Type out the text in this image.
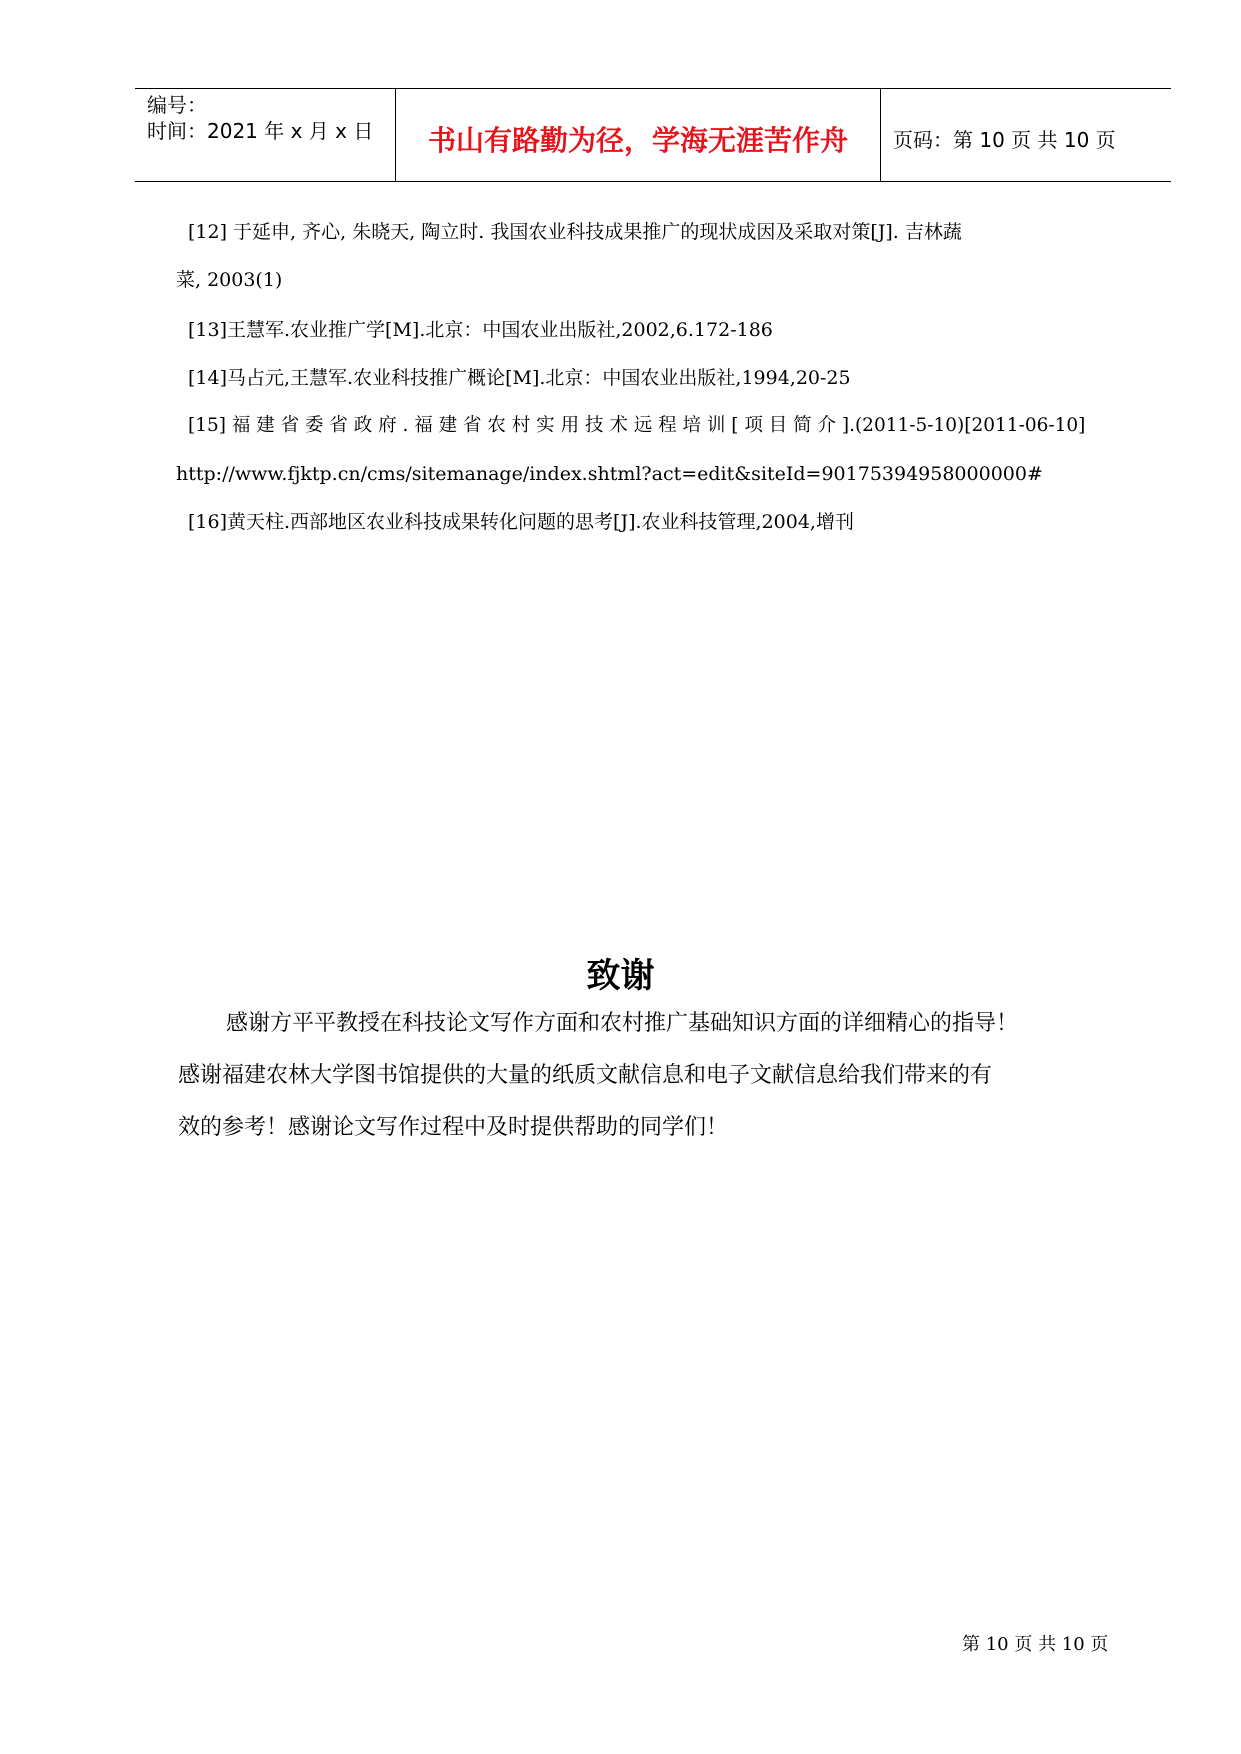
编号：
时间：2021 年 x 月 x 日	书山有路勤为径，学海无涯苦作舟	页码：第 10 页 共 10 页
[12] 于延申, 齐心, 朱晓天, 陶立时. 我国农业科技成果推广的现状成因及采取对策[J]. 吉林蔬
菜, 2003(1)
[13]王慧军.农业推广学[M].北京：中国农业出版社,2002,6.172-186
[14]马占元,王慧军.农业科技推广概论[M].北京：中国农业出版社,1994,20-25
[15] 福 建 省 委 省 政 府 . 福 建 省 农 村 实 用 技 术 远 程 培 训 [ 项 目 简 介 ].(2011-5-10)[2011-06-10]
http://www.fjktp.cn/cms/sitemanage/index.shtml?act=edit&siteId=90175394958000000#
[16]黄天柱.西部地区农业科技成果转化问题的思考[J].农业科技管理,2004,增刊
致谢
感谢方平平教授在科技论文写作方面和农村推广基础知识方面的详细精心的指导！
感谢福建农林大学图书馆提供的大量的纸质文献信息和电子文献信息给我们带来的有
效的参考！感谢论文写作过程中及时提供帮助的同学们！
第 10 页 共 10 页
